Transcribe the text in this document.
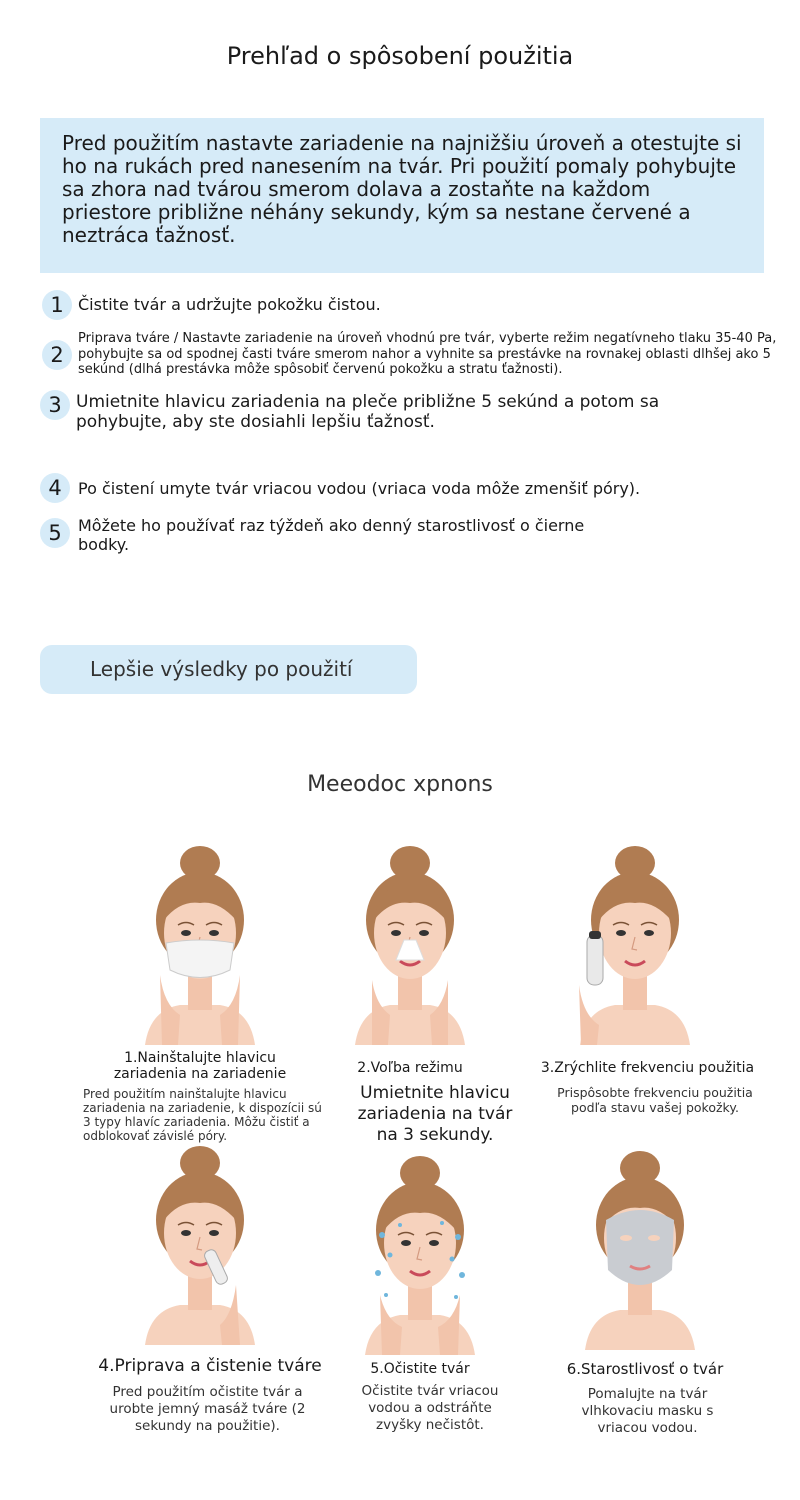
Prehľad o spôsobení použitia
Pred použitím nastavte zariadenie na najnižšiu úroveň a otestujte si ho na rukách pred nanesením na tvár. Pri použití pomaly pohybujte sa zhora nad tvárou smerom dolava a zostaňte na každom priestore približne néhány sekundy, kým sa nestane červené a neztráca ťažnosť.
1 Čistite tvár a udržujte pokožku čistou.
2
Priprava tváre / Nastavte zariadenie na úroveň vhodnú pre tvár, vyberte režim negatívneho tlaku 35-40 Pa, pohybujte sa od spodnej časti tváre smerom nahor a vyhnite sa prestávke na rovnakej oblasti dlhšej ako 5 sekúnd (dlhá prestávka môže spôsobiť červenú pokožku a stratu ťažnosti).
3 Umietnite hlavicu zariadenia na pleče približne 5 sekúnd a potom sa pohybujte, aby ste dosiahli lepšiu ťažnosť.
4	Po čistení umyte tvár vriacou vodou (vriaca voda môže zmenšiť póry).
5	Môžete ho používať raz týždeň ako denný starostlivosť o čierne bodky.
Lepšie výsledky po použití
Meeodoc xpnons
1.Nainštalujte hlavicu zariadenia na zariadenie
Pred použitím nainštalujte hlavicu zariadenia na zariadenie, k dispozícii sú 3 typy hlavíc zariadenia. Môžu čistiť a odblokovať závislé póry.
2.Voľba režimu
Umietnite hlavicu zariadenia na tvár na 3 sekundy.
3.Zrýchlite frekvenciu použitia
Prispôsobte frekvenciu použitia podľa stavu vašej pokožky.
4.Priprava a čistenie tváre
Pred použitím očistite tvár a urobte jemný masáž tváre (2 sekundy na použitie).
5.Očistite tvár
Očistite tvár vriacou vodou a odstráňte zvyšky nečistôt.
6.Starostlivosť o tvár
Pomalujte na tvár vlhkovaciu masku s vriacou vodou.
